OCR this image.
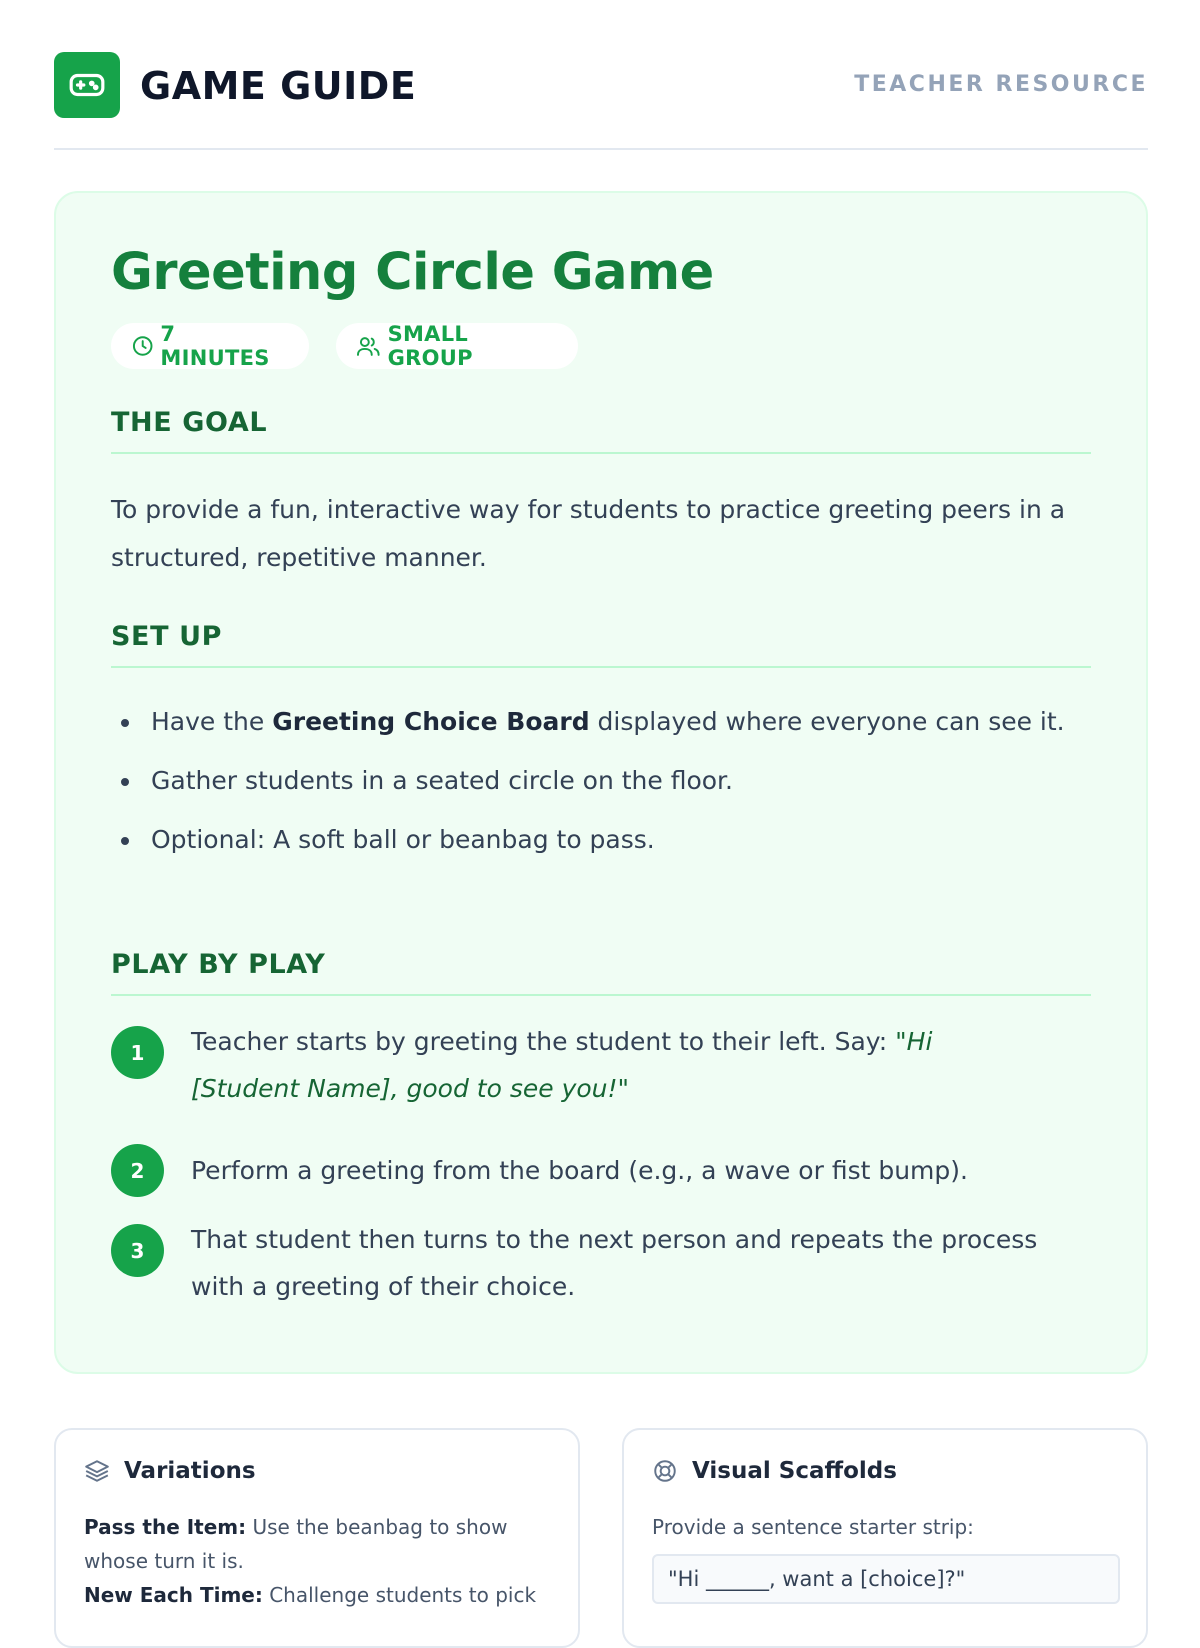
GAME GUIDE	TEACHER RESOURCE
Greeting Circle Game
7 MINUTES
SMALL GROUP
THE GOAL

To provide a fun, interactive way for students to practice greeting peers in a structured, repetitive manner.

SET UP
Have the Greeting Choice Board displayed where everyone can see it.
Gather students in a seated circle on the floor.
Optional: A soft ball or beanbag to pass.
PLAY BY PLAY
1	Teacher starts by greeting the student to their left. Say: "Hi [Student Name], good to see you!"
2	Perform a greeting from the board (e.g., a wave or fist bump).
3	That student then turns to the next person and repeats the process with a greeting of their choice.
Variations
Pass the Item: Use the beanbag to show whose turn it is.
New Each Time: Challenge students to pick
Visual Scaffolds
Provide a sentence starter strip:
"Hi ______, want a [choice]?"
